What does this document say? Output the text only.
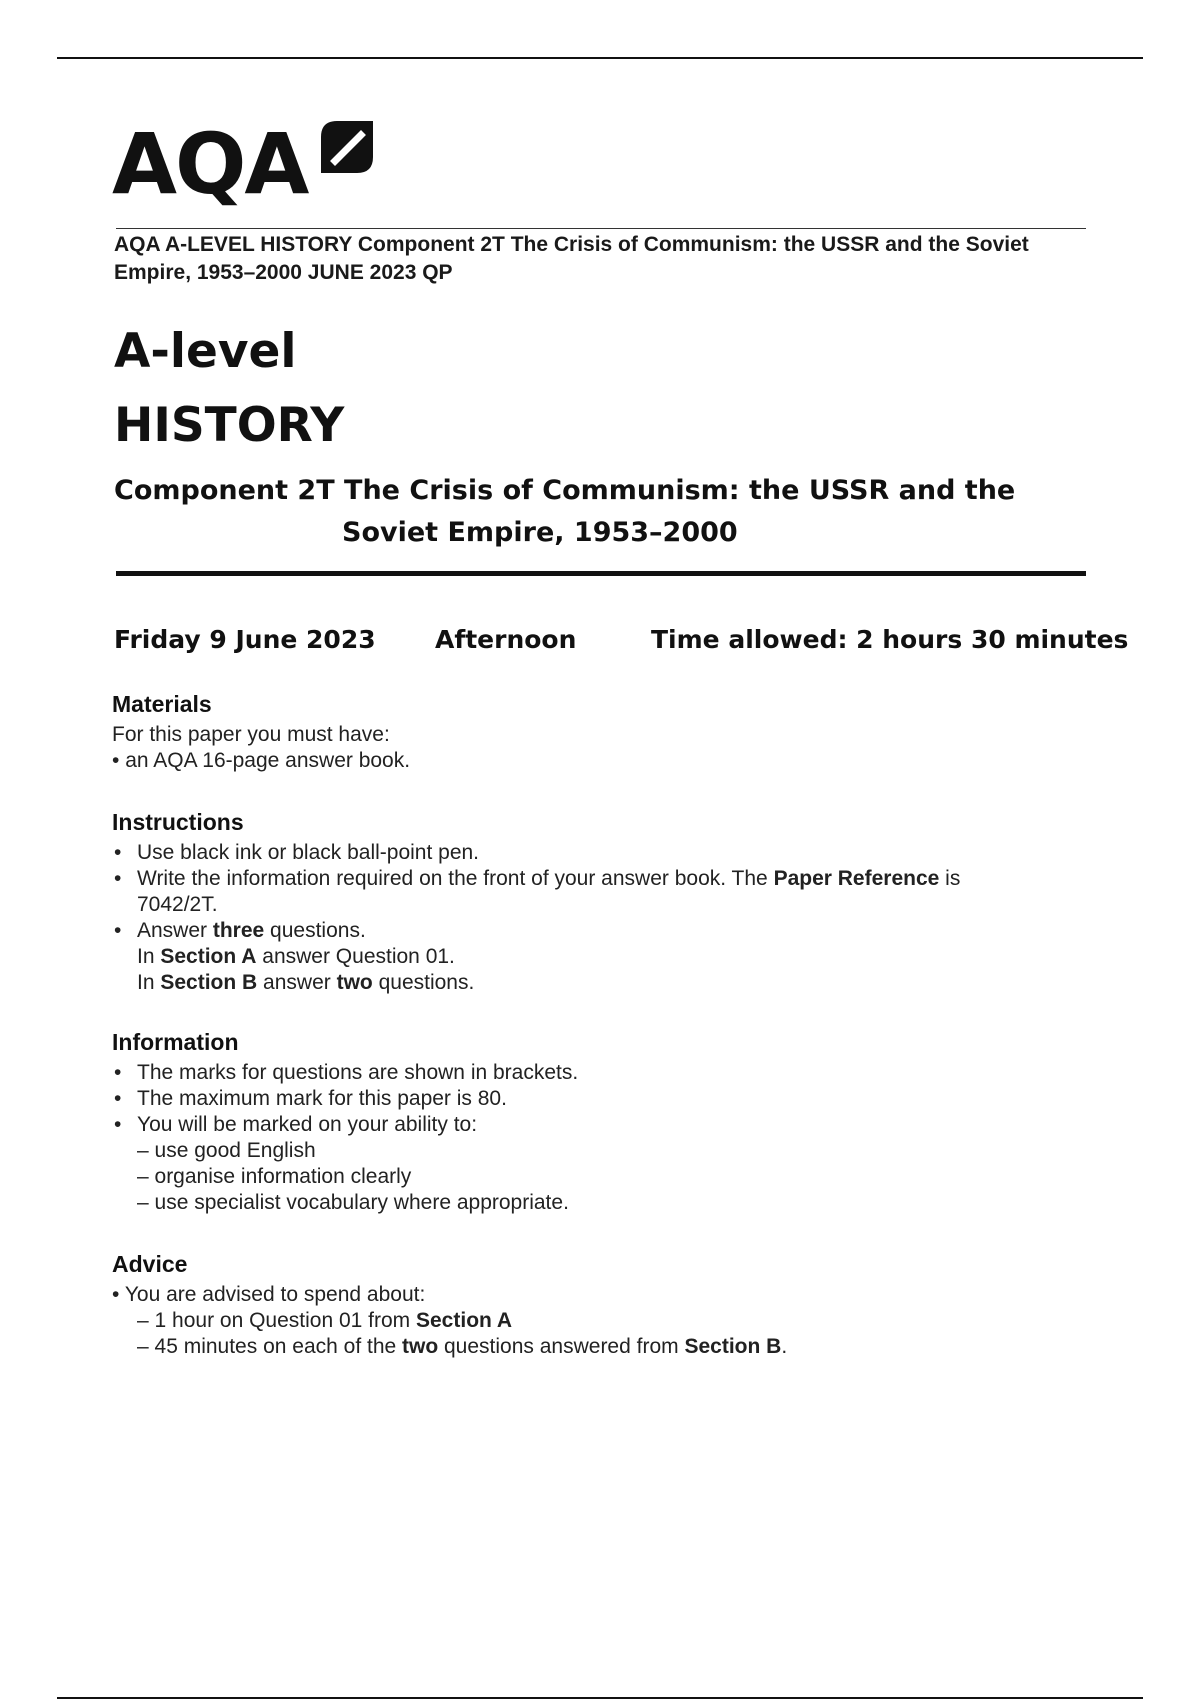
AQA
AQA A-LEVEL HISTORY Component 2T The Crisis of Communism: the USSR and the Soviet Empire, 1953–2000 JUNE 2023 QP
A-level
HISTORY
Component 2T The Crisis of Communism: the USSR and the
Soviet Empire, 1953–2000
Friday 9 June 2023 Afternoon	Time allowed: 2 hours 30 minutes
Materials

For this paper you must have:

• an AQA 16-page answer book.

Instructions
• Use black ink or black ball-point pen.

• Write the information required on the front of your answer book. The Paper Reference is

7042/2T.

• Answer three questions.

In Section A answer Question 01.

In Section B answer two questions.

Information
• The marks for questions are shown in brackets.

• The maximum mark for this paper is 80.

• You will be marked on your ability to:

– use good English

– organise information clearly

– use specialist vocabulary where appropriate.

Advice

• You are advised to spend about:

– 1 hour on Question 01 from Section A

– 45 minutes on each of the two questions answered from Section B.
